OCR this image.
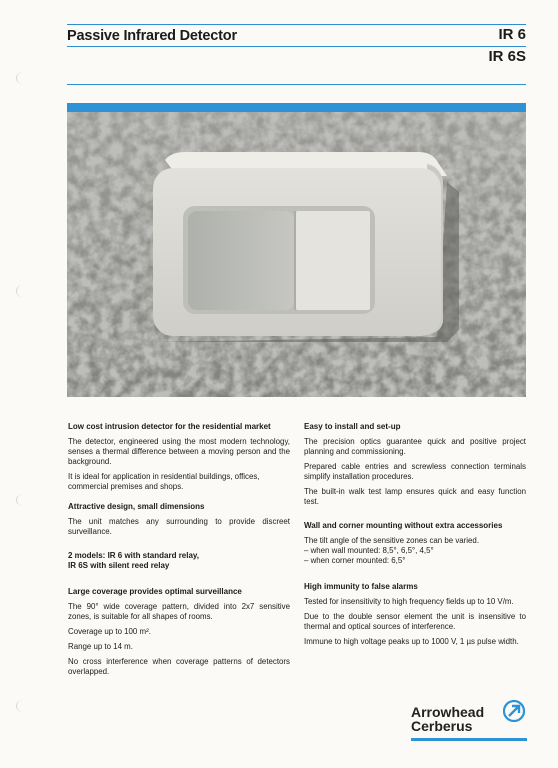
Passive Infrared Detector	IR 6
IR 6S
Low cost intrusion detector for the residential market

The detector, engineered using the most modern technology, senses a thermal difference between a moving person and the background.

It is ideal for application in residential buildings, offices, commercial premises and shops.

Attractive design, small dimensions

The unit matches any surrounding to provide discreet surveillance.

2 models: IR 6 with standard relay,
IR 6S with silent reed relay
Large coverage provides optimal surveillance

The 90° wide coverage pattern, divided into 2x7 sensitive zones, is suitable for all shapes of rooms.

Coverage up to 100 m².

Range up to 14 m.

No cross interference when coverage patterns of detectors overlapped.

Easy to install and set-up

The precision optics guarantee quick and positive project planning and commissioning.

Prepared cable entries and screwless connection terminals simplify installation procedures.

The built-in walk test lamp ensures quick and easy function test.

Wall and corner mounting without extra accessories

The tilt angle of the sensitive zones can be varied.

– when wall mounted: 8,5°, 6,5°, 4,5°
– when corner mounted: 6,5°
High immunity to false alarms

Tested for insensitivity to high frequency fields up to 10 V/m.

Due to the double sensor element the unit is insensitive to thermal and optical sources of interference.

Immune to high voltage peaks up to 1000 V, 1 µs pulse width.

Arrowhead
Cerberus
